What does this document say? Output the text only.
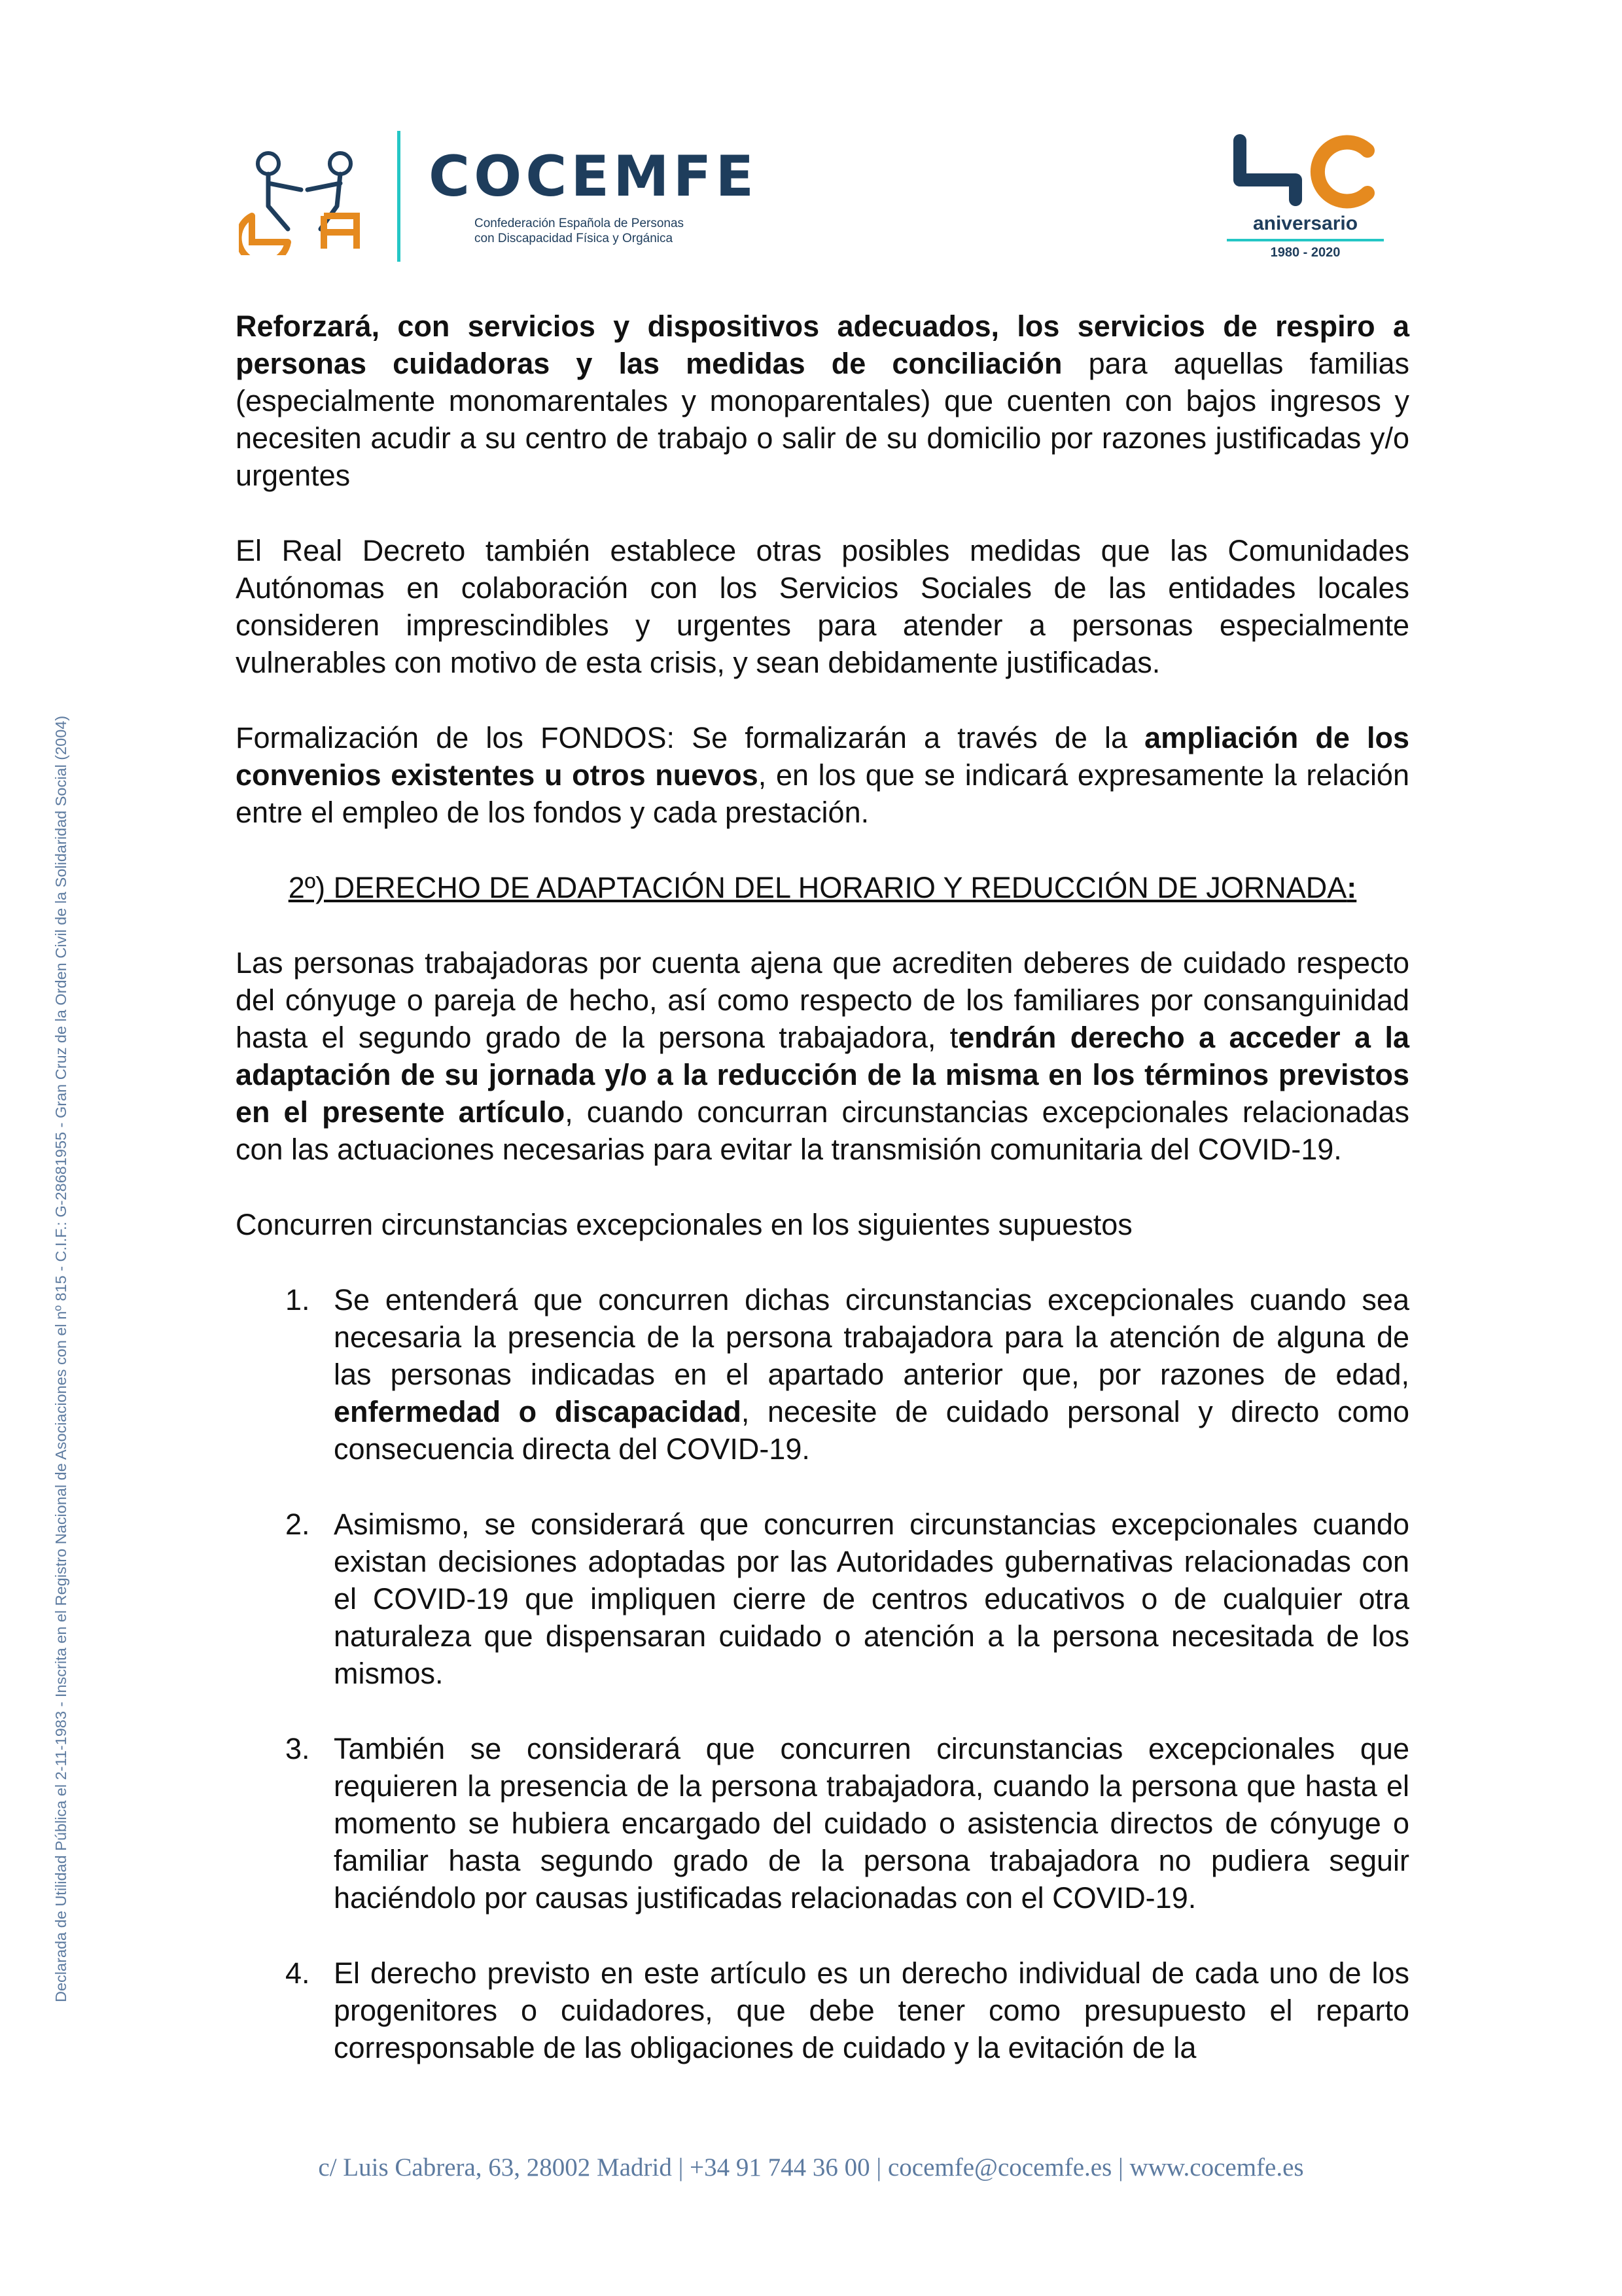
COCEMFE
Confederación Española de Personas
con Discapacidad Física y Orgánica
aniversario
1980 - 2020
Declarada de Utilidad Pública el 2-11-1983 - Inscrita en el Registro Nacional de Asociaciones con el nº 815 - C.I.F.: G-28681955 - Gran Cruz de la Orden Civil de la Solidaridad Social (2004)

Reforzará, con servicios y dispositivos adecuados, los servicios de respiro a personas cuidadoras y las medidas de conciliación para aquellas familias (especialmente monomarentales y monoparentales) que cuenten con bajos ingresos y necesiten acudir a su centro de trabajo o salir de su domicilio por razones justificadas y/o urgentes

El Real Decreto también establece otras posibles medidas que las Comunidades Autónomas en colaboración con los Servicios Sociales de las entidades locales consideren imprescindibles y urgentes para atender a personas especialmente vulnerables con motivo de esta crisis, y sean debidamente justificadas.

Formalización de los FONDOS: Se formalizarán a través de la ampliación de los convenios existentes u otros nuevos, en los que se indicará expresamente la relación entre el empleo de los fondos y cada prestación.

2º) DERECHO DE ADAPTACIÓN DEL HORARIO Y REDUCCIÓN DE JORNADA:

Las personas trabajadoras por cuenta ajena que acrediten deberes de cuidado respecto del cónyuge o pareja de hecho, así como respecto de los familiares por consanguinidad hasta el segundo grado de la persona trabajadora, tendrán derecho a acceder a la adaptación de su jornada y/o a la reducción de la misma en los términos previstos en el presente artículo, cuando concurran circunstancias excepcionales relacionadas con las actuaciones necesarias para evitar la transmisión comunitaria del COVID-19.

Concurren circunstancias excepcionales en los siguientes supuestos

1. Se entenderá que concurren dichas circunstancias excepcionales cuando sea necesaria la presencia de la persona trabajadora para la atención de alguna de las personas indicadas en el apartado anterior que, por razones de edad, enfermedad o discapacidad, necesite de cuidado personal y directo como consecuencia directa del COVID-19.
2. Asimismo, se considerará que concurren circunstancias excepcionales cuando existan decisiones adoptadas por las Autoridades gubernativas relacionadas con el COVID-19 que impliquen cierre de centros educativos o de cualquier otra naturaleza que dispensaran cuidado o atención a la persona necesitada de los mismos.
3. También se considerará que concurren circunstancias excepcionales que requieren la presencia de la persona trabajadora, cuando la persona que hasta el momento se hubiera encargado del cuidado o asistencia directos de cónyuge o familiar hasta segundo grado de la persona trabajadora no pudiera seguir haciéndolo por causas justificadas relacionadas con el COVID-19.
4. El derecho previsto en este artículo es un derecho individual de cada uno de los progenitores o cuidadores, que debe tener como presupuesto el reparto corresponsable de las obligaciones de cuidado y la evitación de la
c/ Luis Cabrera, 63, 28002 Madrid | +34 91 744 36 00 | cocemfe@cocemfe.es | www.cocemfe.es
